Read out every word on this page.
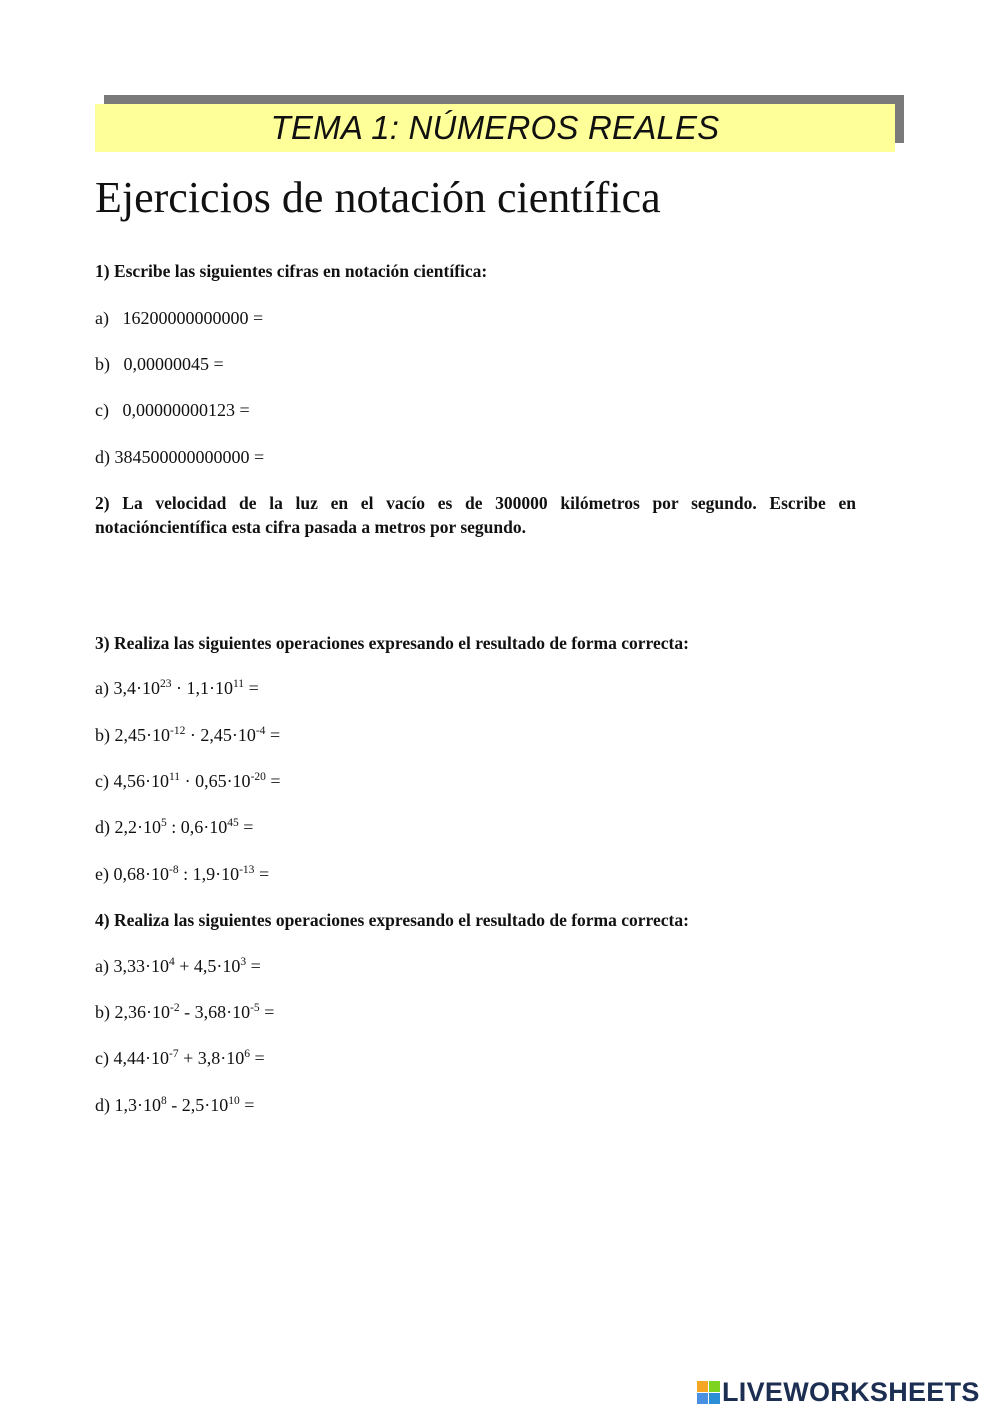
TEMA 1: NÚMEROS REALES
Ejercicios de notación científica

1) Escribe las siguientes cifras en notación científica:

a) 16200000000000 =
b) 0,00000045 =
c) 0,00000000123 =
d) 384500000000000 =
2) La velocidad de la luz en el vacío es de 300000 kilómetros por segundo. Escribe en notacióncientífica esta cifra pasada a metros por segundo.

3) Realiza las siguientes operaciones expresando el resultado de forma correcta:

a) $3,4\cdot 10^{23} \cdot 1,1\cdot 10^{11}$ =
b) $2,45\cdot 10^{-12} \cdot 2,45\cdot 10^{-4}$ =
c) $4,56\cdot 10^{11} \cdot 0,65\cdot 10^{-20}$ =
d) $2,2\cdot 10^5$ : $0,6\cdot 10^{45}$ =
e) $0,68\cdot 10^{-8}$ : $1,9\cdot 10^{-13}$ =

4) Realiza las siguientes operaciones expresando el resultado de forma correcta:

a) $3,33\cdot 10^4 + 4,5\cdot 10^3$ =
b) $2,36\cdot 10^{-2} - 3,68\cdot 10^{-5}$ =
c) $4,44\cdot 10^{-7} + 3,8\cdot 10^6$ =
d) $1,3\cdot 10^8 - 2,5\cdot 10^{10}$ =
LIVEWORKSHEETS
